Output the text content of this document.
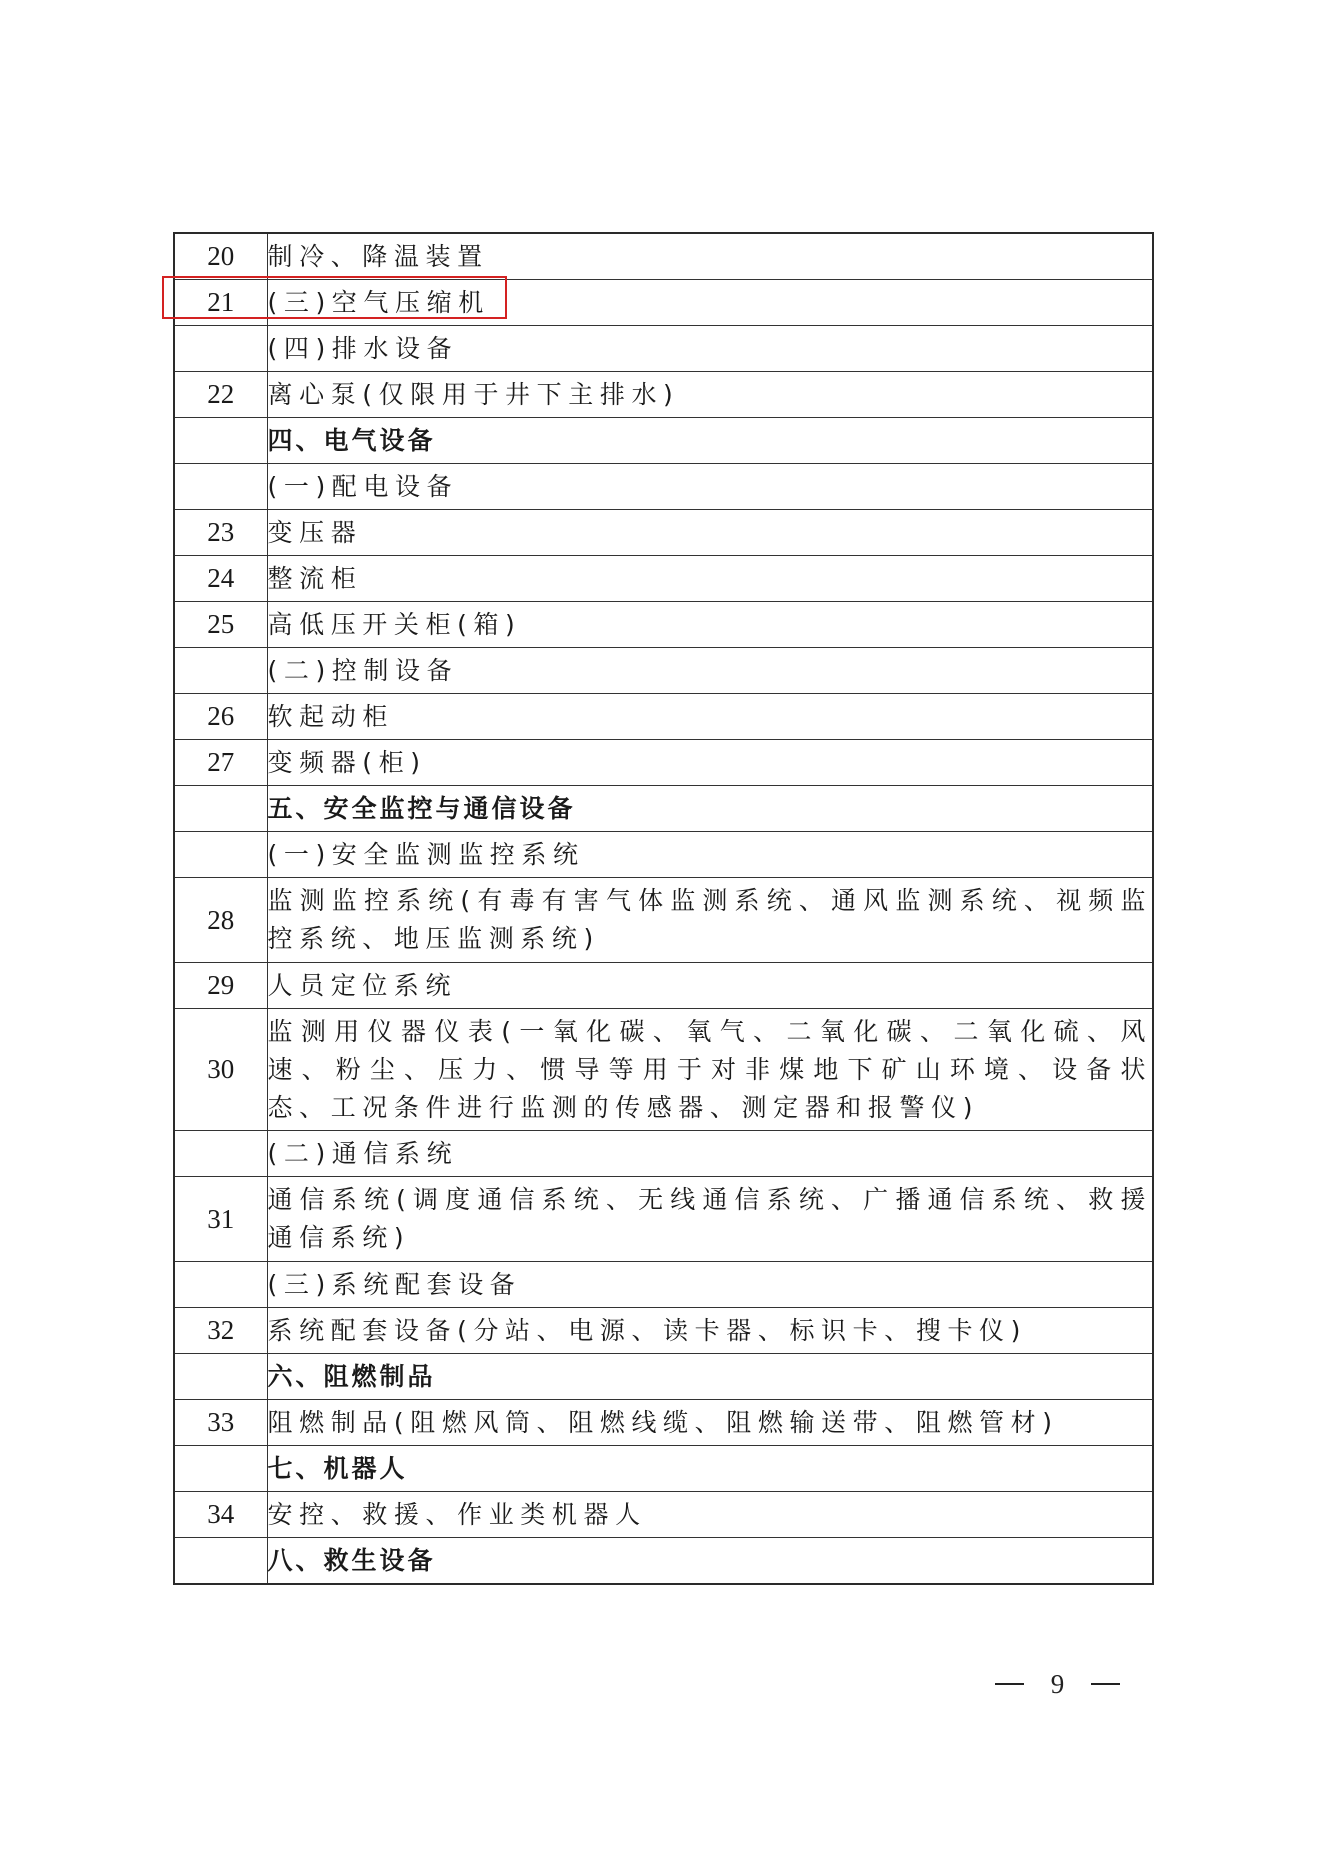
20	制冷、降温装置
21	(三)空气压缩机
	(四)排水设备
22	离心泵(仅限用于井下主排水)
	四、电气设备
	(一)配电设备
23	变压器
24	整流柜
25	高低压开关柜(箱)
	(二)控制设备
26	软起动柜
27	变频器(柜)
	五、安全监控与通信设备
	(一)安全监测监控系统
28	监测监控系统(有毒有害气体监测系统、通风监测系统、视频监控系统、地压监测系统)
29	人员定位系统
30	监测用仪器仪表(一氧化碳、氧气、二氧化碳、二氧化硫、风速、粉尘、压力、惯导等用于对非煤地下矿山环境、设备状态、工况条件进行监测的传感器、测定器和报警仪)
	(二)通信系统
31	通信系统(调度通信系统、无线通信系统、广播通信系统、救援通信系统)
	(三)系统配套设备
32	系统配套设备(分站、电源、读卡器、标识卡、搜卡仪)
	六、阻燃制品
33	阻燃制品(阻燃风筒、阻燃线缆、阻燃输送带、阻燃管材)
	七、机器人
34	安控、救援、作业类机器人
	八、救生设备
9
